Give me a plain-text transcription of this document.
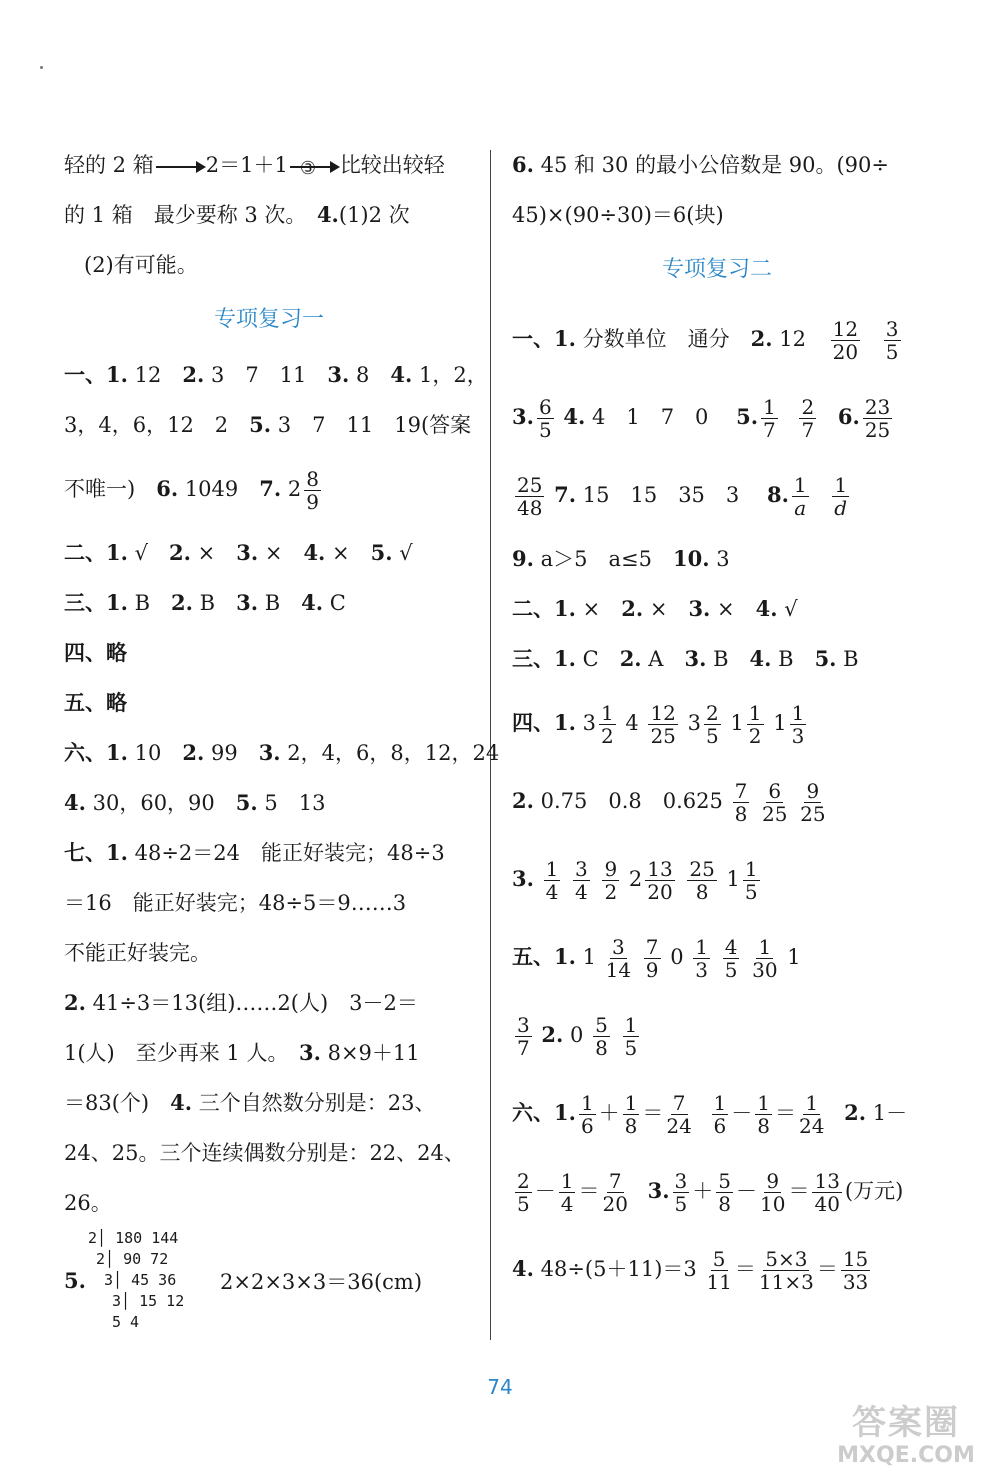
轻的 2 箱 2＝1＋1 ③ 比较出较轻
的 1 箱　最少要称 3 次。　4.(1)2 次
(2)有可能。
专项复习一
一、1. 12　2. 3　7　11　3. 8　4. 1，2，
3，4，6，12　2　5. 3　7　11　19(答案
不唯一)　6. 1049　7. $2 \frac{8}{9}$
二、1. √　2. ×　3. ×　4. ×　5. √
三、1. B　2. B　3. B　4. C
四、略
五、略
六、1. 10　2. 99　3. 2，4，6，8，12，24
4. 30，60，90　5. 5　13
七、1. 48÷2＝24　能正好装完；48÷3
＝16　能正好装完；48÷5＝9……3
不能正好装完。
2. 41÷3＝13(组)……2(人)　3－2＝
1(人)　至少再来 1 人。　3. 8×9＋11
＝83(个)　4. 三个自然数分别是：23、
24、25。三个连续偶数分别是：22、24、
26。
5.
2│ 180 144
2│ 90 72
3│ 45 36
3│ 15 12
5 4
2×2×3×3＝36(cm)
6. 45 和 30 的最小公倍数是 90。(90÷
45)×(90÷30)＝6(块)
专项复习二
一、1. 分数单位　通分　2. $12 \frac{12}{20}$
$\frac{3}{5}$
3. $\frac{6}{5} 4$. 4　1　7　0　 5. $\frac{1}{7}$
$\frac{2}{7} 6$. $\frac{23}{25}$
$\frac{25}{48} 7$. 15　15　35　3　 8. $\frac{1}{a}$
$\frac{1}{d}$
9. a＞5　a≤5　10. 3
二、1. ×　2. ×　3. ×　4. √
三、1. C　2. A　3. B　4. B　5. B
四、1. $3 \frac{1}{2} 4 \frac{12}{25} 3 \frac{2}{5} 1 \frac{1}{2} 1 \frac{1}{3}$
2. 0.75　0.8　$0.625 \frac{7}{8}$
$\frac{6}{25}$
$\frac{9}{25}$
3. $\frac{1}{4}$
$\frac{3}{4}$
$\frac{9}{2} 2 \frac{13}{20}$
$\frac{25}{8} 1 \frac{1}{5}$
五、1. $1 \frac{3}{14}$
$\frac{7}{9} 0 \frac{1}{3}$
$\frac{4}{5}$
$\frac{1}{30} 1$
$\frac{3}{7} 2$. $0 \frac{5}{8}$
$\frac{1}{5}$
六、1. $\frac{1}{6} + \frac{1}{8} = \frac{7}{24}$
$\frac{1}{6} - \frac{1}{8} = \frac{1}{24} 2$. 1－
$\frac{2}{5} - \frac{1}{4} = \frac{7}{20} 3$. $\frac{3}{5} + \frac{5}{8} - \frac{9}{10} = \frac{13}{40}$ (万元)
4. $48\div(5+11)=3 \frac{5}{11} = \frac{5\times 3}{11\times 3} = \frac{15}{33}$
74
答案圈
MXQE.COM
